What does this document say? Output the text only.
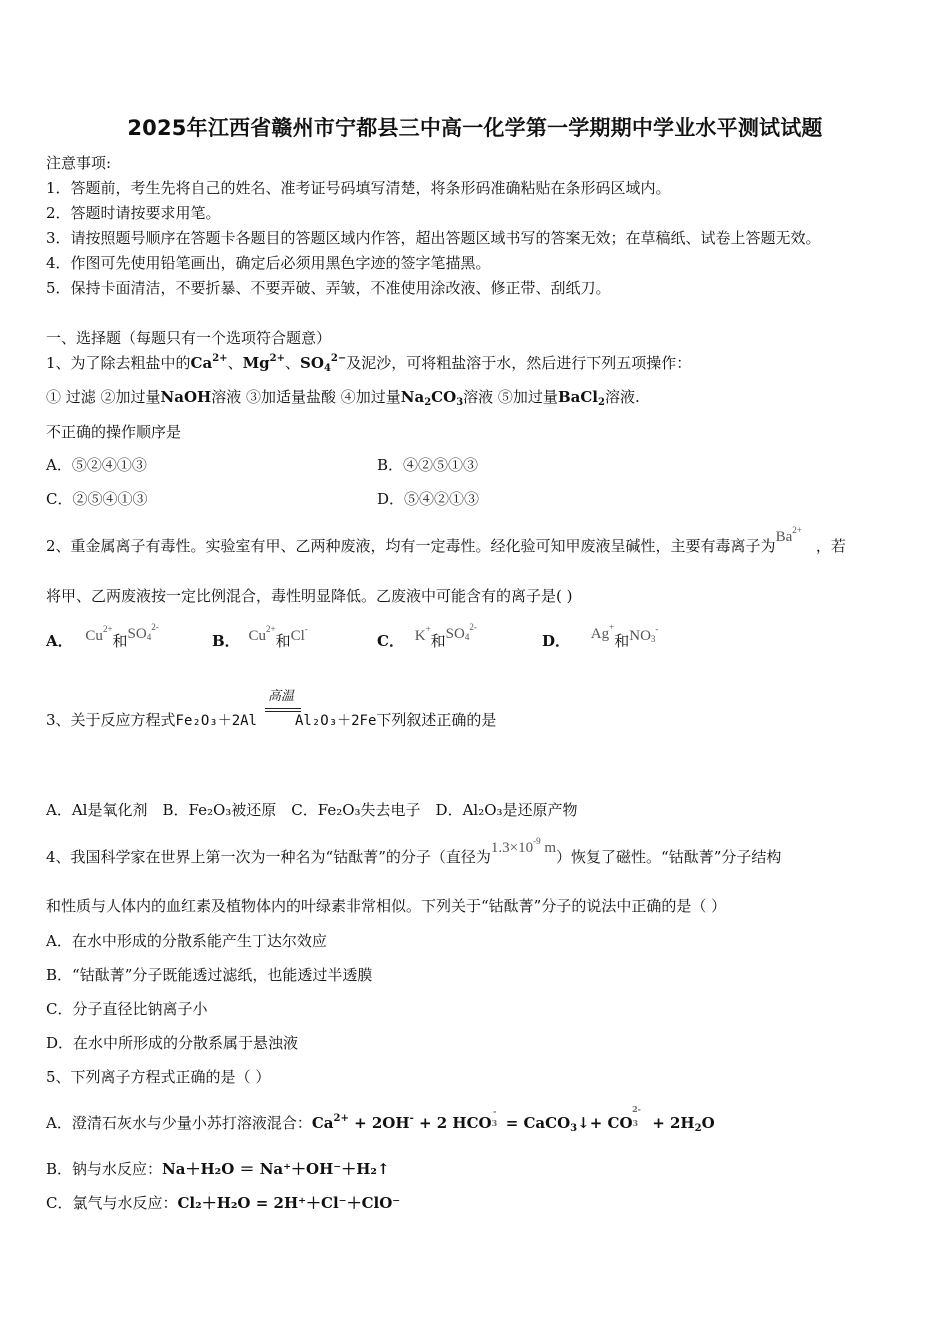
2025年江西省赣州市宁都县三中高一化学第一学期期中学业水平测试试题
注意事项:
1．答题前，考生先将自己的姓名、准考证号码填写清楚，将条形码准确粘贴在条形码区域内。
2．答题时请按要求用笔。
3．请按照题号顺序在答题卡各题目的答题区域内作答，超出答题区域书写的答案无效；在草稿纸、试卷上答题无效。
4．作图可先使用铅笔画出，确定后必须用黑色字迹的签字笔描黑。
5．保持卡面清洁，不要折暴、不要弄破、弄皱，不准使用涂改液、修正带、刮纸刀。
一、选择题（每题只有一个选项符合题意）
1、为了除去粗盐中的$Ca^{2+}$、$Mg^{2+}$、$SO_4^{2-}$及泥沙，可将粗盐溶于水，然后进行下列五项操作：
① 过滤 ②加过量NaOH溶液 ③加适量盐酸 ④加过量$Na_2CO_3$溶液 ⑤加过量BaCl$_2$溶液.
不正确的操作顺序是
A．⑤②④①③	B．④②⑤①③
C．②⑤④①③	D．⑤④②①③
2、重金属离子有毒性。实验室有甲、乙两种废液，均有一定毒性。经化验可知甲废液呈碱性，主要有毒离子为$Ba^{2+}$，若
将甲、乙两废液按一定比例混合，毒性明显降低。乙废液中可能含有的离子是( )
A． $Cu^{2+}$和$SO4^{2-}$
B． $Cu^{2+}$和Cl-
C． K+和$SO4^{2-}$
D． Ag+和NO3-
高温
3、关于反应方程式Fe₂O₃＋2Al	Al₂O₃＋2Fe下列叙述正确的是
A．Al是氧化剂　B．Fe₂O₃被还原　C．Fe₂O₃失去电子　D．Al₂O₃是还原产物
4、我国科学家在世界上第一次为一种名为“钴酞菁”的分子（直径为$1.3\times 10^{-9}$ m）恢复了磁性。“钴酞菁”分子结构
和性质与人体内的血红素及植物体内的叶绿素非常相似。下列关于“钴酞菁”分子的说法中正确的是（ ）
A．在水中形成的分散系能产生丁达尔效应
B．“钴酞菁”分子既能透过滤纸，也能透过半透膜
C．分子直径比钠离子小
D．在水中所形成的分散系属于悬浊液
5、下列离子方程式正确的是（ ）
A．澄清石灰水与少量小苏打溶液混合：$Ca^{2+} + 2OH^- + 2$ HCO3- = CaCO$_3$↓+ $CO3^{2-} + 2H_2O$
B．钠与水反应：Na＋H₂O ＝ Na⁺＋OH⁻＋H₂↑
C．氯气与水反应：Cl₂＋H₂O = 2H⁺＋Cl⁻＋ClO⁻
